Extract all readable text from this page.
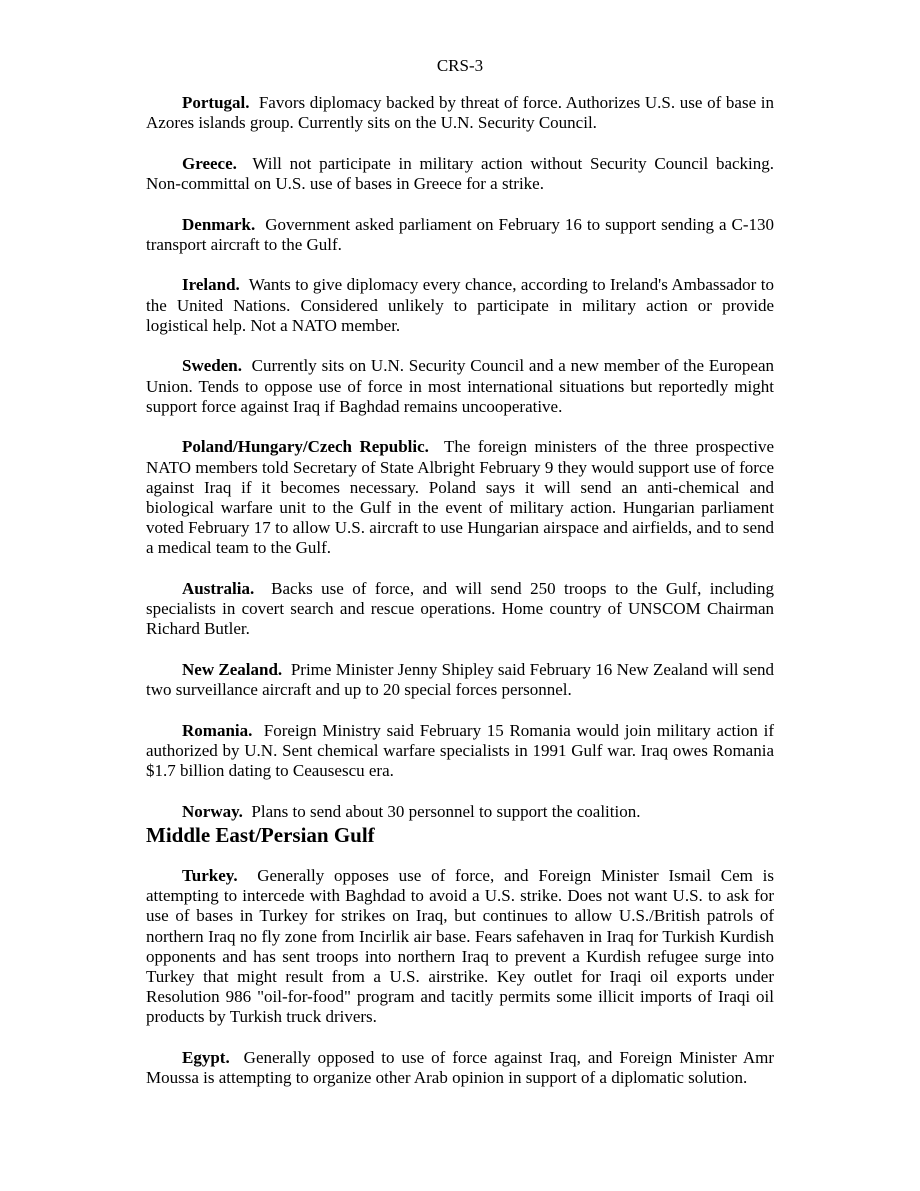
CRS-3

Portugal. Favors diplomacy backed by threat of force. Authorizes U.S. use of base in Azores islands group. Currently sits on the U.N. Security Council.

Greece. Will not participate in military action without Security Council backing. Non-committal on U.S. use of bases in Greece for a strike.

Denmark. Government asked parliament on February 16 to support sending a C-130 transport aircraft to the Gulf.

Ireland. Wants to give diplomacy every chance, according to Ireland's Ambassador to the United Nations. Considered unlikely to participate in military action or provide logistical help. Not a NATO member.

Sweden. Currently sits on U.N. Security Council and a new member of the European Union. Tends to oppose use of force in most international situations but reportedly might support force against Iraq if Baghdad remains uncooperative.

Poland/Hungary/Czech Republic. The foreign ministers of the three prospective NATO members told Secretary of State Albright February 9 they would support use of force against Iraq if it becomes necessary. Poland says it will send an anti-chemical and biological warfare unit to the Gulf in the event of military action. Hungarian parliament voted February 17 to allow U.S. aircraft to use Hungarian airspace and airfields, and to send a medical team to the Gulf.

Australia. Backs use of force, and will send 250 troops to the Gulf, including specialists in covert search and rescue operations. Home country of UNSCOM Chairman Richard Butler.

New Zealand. Prime Minister Jenny Shipley said February 16 New Zealand will send two surveillance aircraft and up to 20 special forces personnel.

Romania. Foreign Ministry said February 15 Romania would join military action if authorized by U.N. Sent chemical warfare specialists in 1991 Gulf war. Iraq owes Romania $1.7 billion dating to Ceausescu era.

Norway. Plans to send about 30 personnel to support the coalition.

Middle East/Persian Gulf

Turkey. Generally opposes use of force, and Foreign Minister Ismail Cem is attempting to intercede with Baghdad to avoid a U.S. strike. Does not want U.S. to ask for use of bases in Turkey for strikes on Iraq, but continues to allow U.S./British patrols of northern Iraq no fly zone from Incirlik air base. Fears safehaven in Iraq for Turkish Kurdish opponents and has sent troops into northern Iraq to prevent a Kurdish refugee surge into Turkey that might result from a U.S. airstrike. Key outlet for Iraqi oil exports under Resolution 986 "oil-for-food" program and tacitly permits some illicit imports of Iraqi oil products by Turkish truck drivers.

Egypt. Generally opposed to use of force against Iraq, and Foreign Minister Amr Moussa is attempting to organize other Arab opinion in support of a diplomatic solution.
